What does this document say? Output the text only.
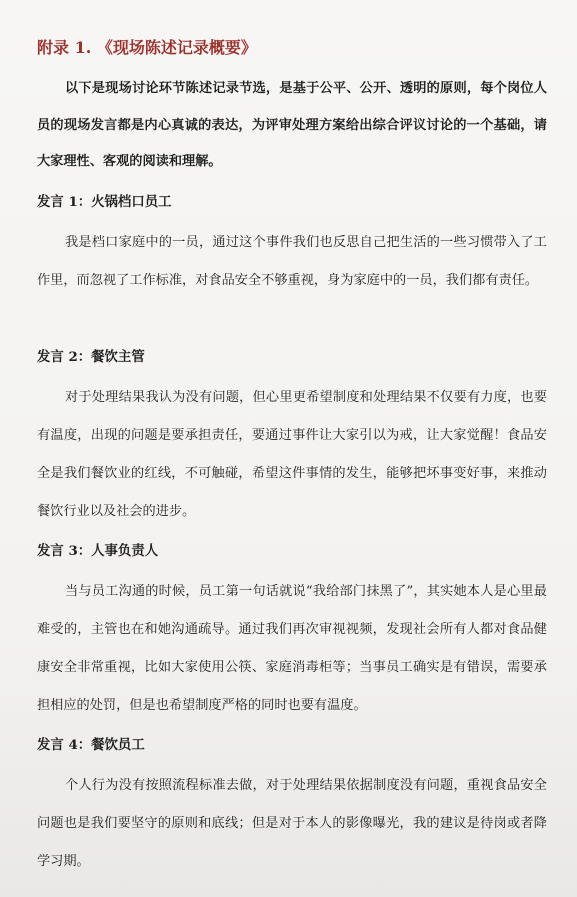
附录 1. 《现场陈述记录概要》
以下是现场讨论环节陈述记录节选，是基于公平、公开、透明的原则，每个岗位人员的现场发言都是内心真诚的表达，为评审处理方案给出综合评议讨论的一个基础，请大家理性、客观的阅读和理解。
发言 1：火锅档口员工
我是档口家庭中的一员，通过这个事件我们也反思自己把生活的一些习惯带入了工作里，而忽视了工作标准，对食品安全不够重视，身为家庭中的一员，我们都有责任。
发言 2：餐饮主管
对于处理结果我认为没有问题，但心里更希望制度和处理结果不仅要有力度，也要有温度，出现的问题是要承担责任，要通过事件让大家引以为戒，让大家觉醒！食品安全是我们餐饮业的红线，不可触碰，希望这件事情的发生，能够把坏事变好事，来推动餐饮行业以及社会的进步。
发言 3：人事负责人
当与员工沟通的时候，员工第一句话就说“我给部门抹黑了”，其实她本人是心里最难受的，主管也在和她沟通疏导。通过我们再次审视视频，发现社会所有人都对食品健康安全非常重视，比如大家使用公筷、家庭消毒柜等；当事员工确实是有错误，需要承担相应的处罚，但是也希望制度严格的同时也要有温度。
发言 4：餐饮员工
个人行为没有按照流程标准去做，对于处理结果依据制度没有问题，重视食品安全问题也是我们要坚守的原则和底线；但是对于本人的影像曝光，我的建议是待岗或者降学习期。
